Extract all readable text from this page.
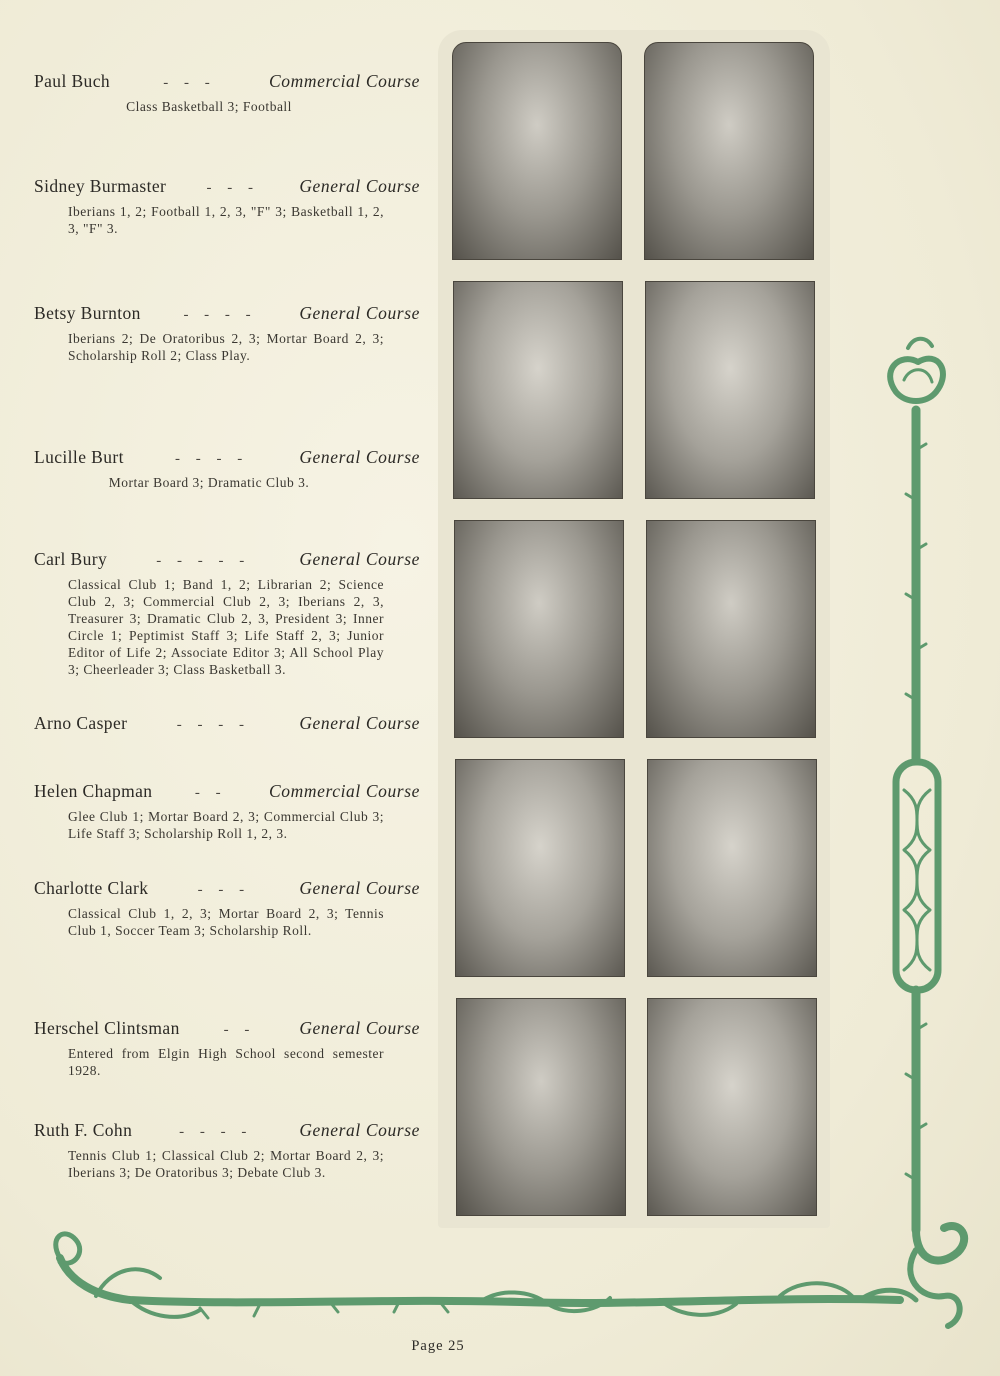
Paul Buch	- - -	Commercial Course
Class Basketball 3; Football
Sidney Burmaster	- - -	General Course
Iberians 1, 2; Football 1, 2, 3, "F" 3; Basketball 1, 2, 3, "F" 3.
Betsy Burnton	- - - -	General Course
Iberians 2; De Oratoribus 2, 3; Mortar Board 2, 3; Scholarship Roll 2; Class Play.
Lucille Burt	- - - -	General Course
Mortar Board 3; Dramatic Club 3.
Carl Bury	- - - - -	General Course
Classical Club 1; Band 1, 2; Librarian 2; Science Club 2, 3; Commercial Club 2, 3; Iberians 2, 3, Treasurer 3; Dramatic Club 2, 3, President 3; Inner Circle 1; Peptimist Staff 3; Life Staff 2, 3; Junior Editor of Life 2; Associate Editor 3; All School Play 3; Cheerleader 3; Class Basketball 3.
Arno Casper	- - - -	General Course
Helen Chapman	- -	Commercial Course
Glee Club 1; Mortar Board 2, 3; Commercial Club 3; Life Staff 3; Scholarship Roll 1, 2, 3.
Charlotte Clark	- - -	General Course
Classical Club 1, 2, 3; Mortar Board 2, 3; Tennis Club 1, Soccer Team 3; Scholarship Roll.
Herschel Clintsman	- -	General Course
Entered from Elgin High School second semester 1928.
Ruth F. Cohn	- - - -	General Course
Tennis Club 1; Classical Club 2; Mortar Board 2, 3; Iberians 3; De Oratoribus 3; Debate Club 3.
Page 25
